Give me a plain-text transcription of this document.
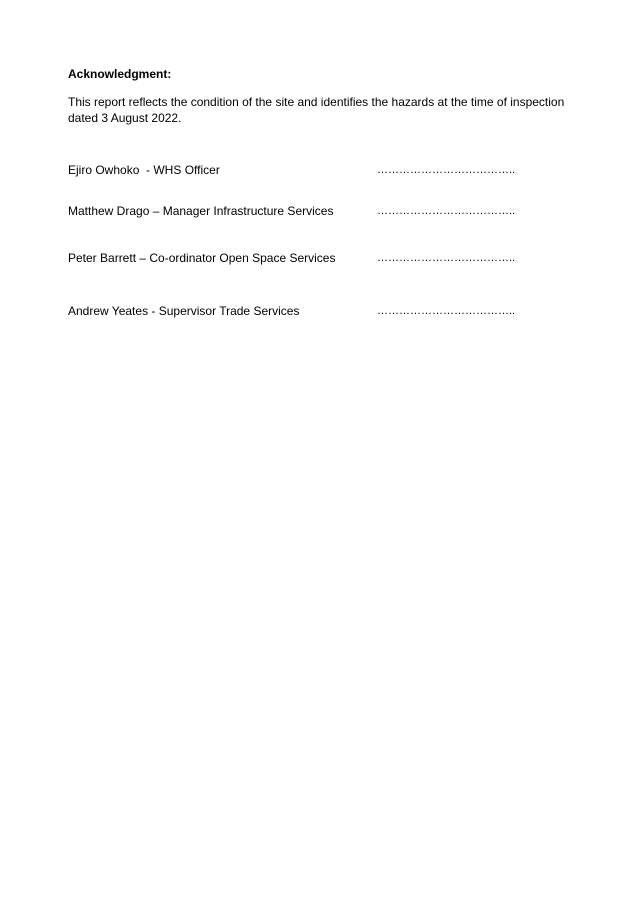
Acknowledgment:
This report reflects the condition of the site and identifies the hazards at the time of inspection dated 3 August 2022.
Ejiro Owhoko  - WHS Officer	………………………………..
Matthew Drago – Manager Infrastructure Services	………………………………..
Peter Barrett – Co-ordinator Open Space Services	………………………………..
Andrew Yeates - Supervisor Trade Services	………………………………..
